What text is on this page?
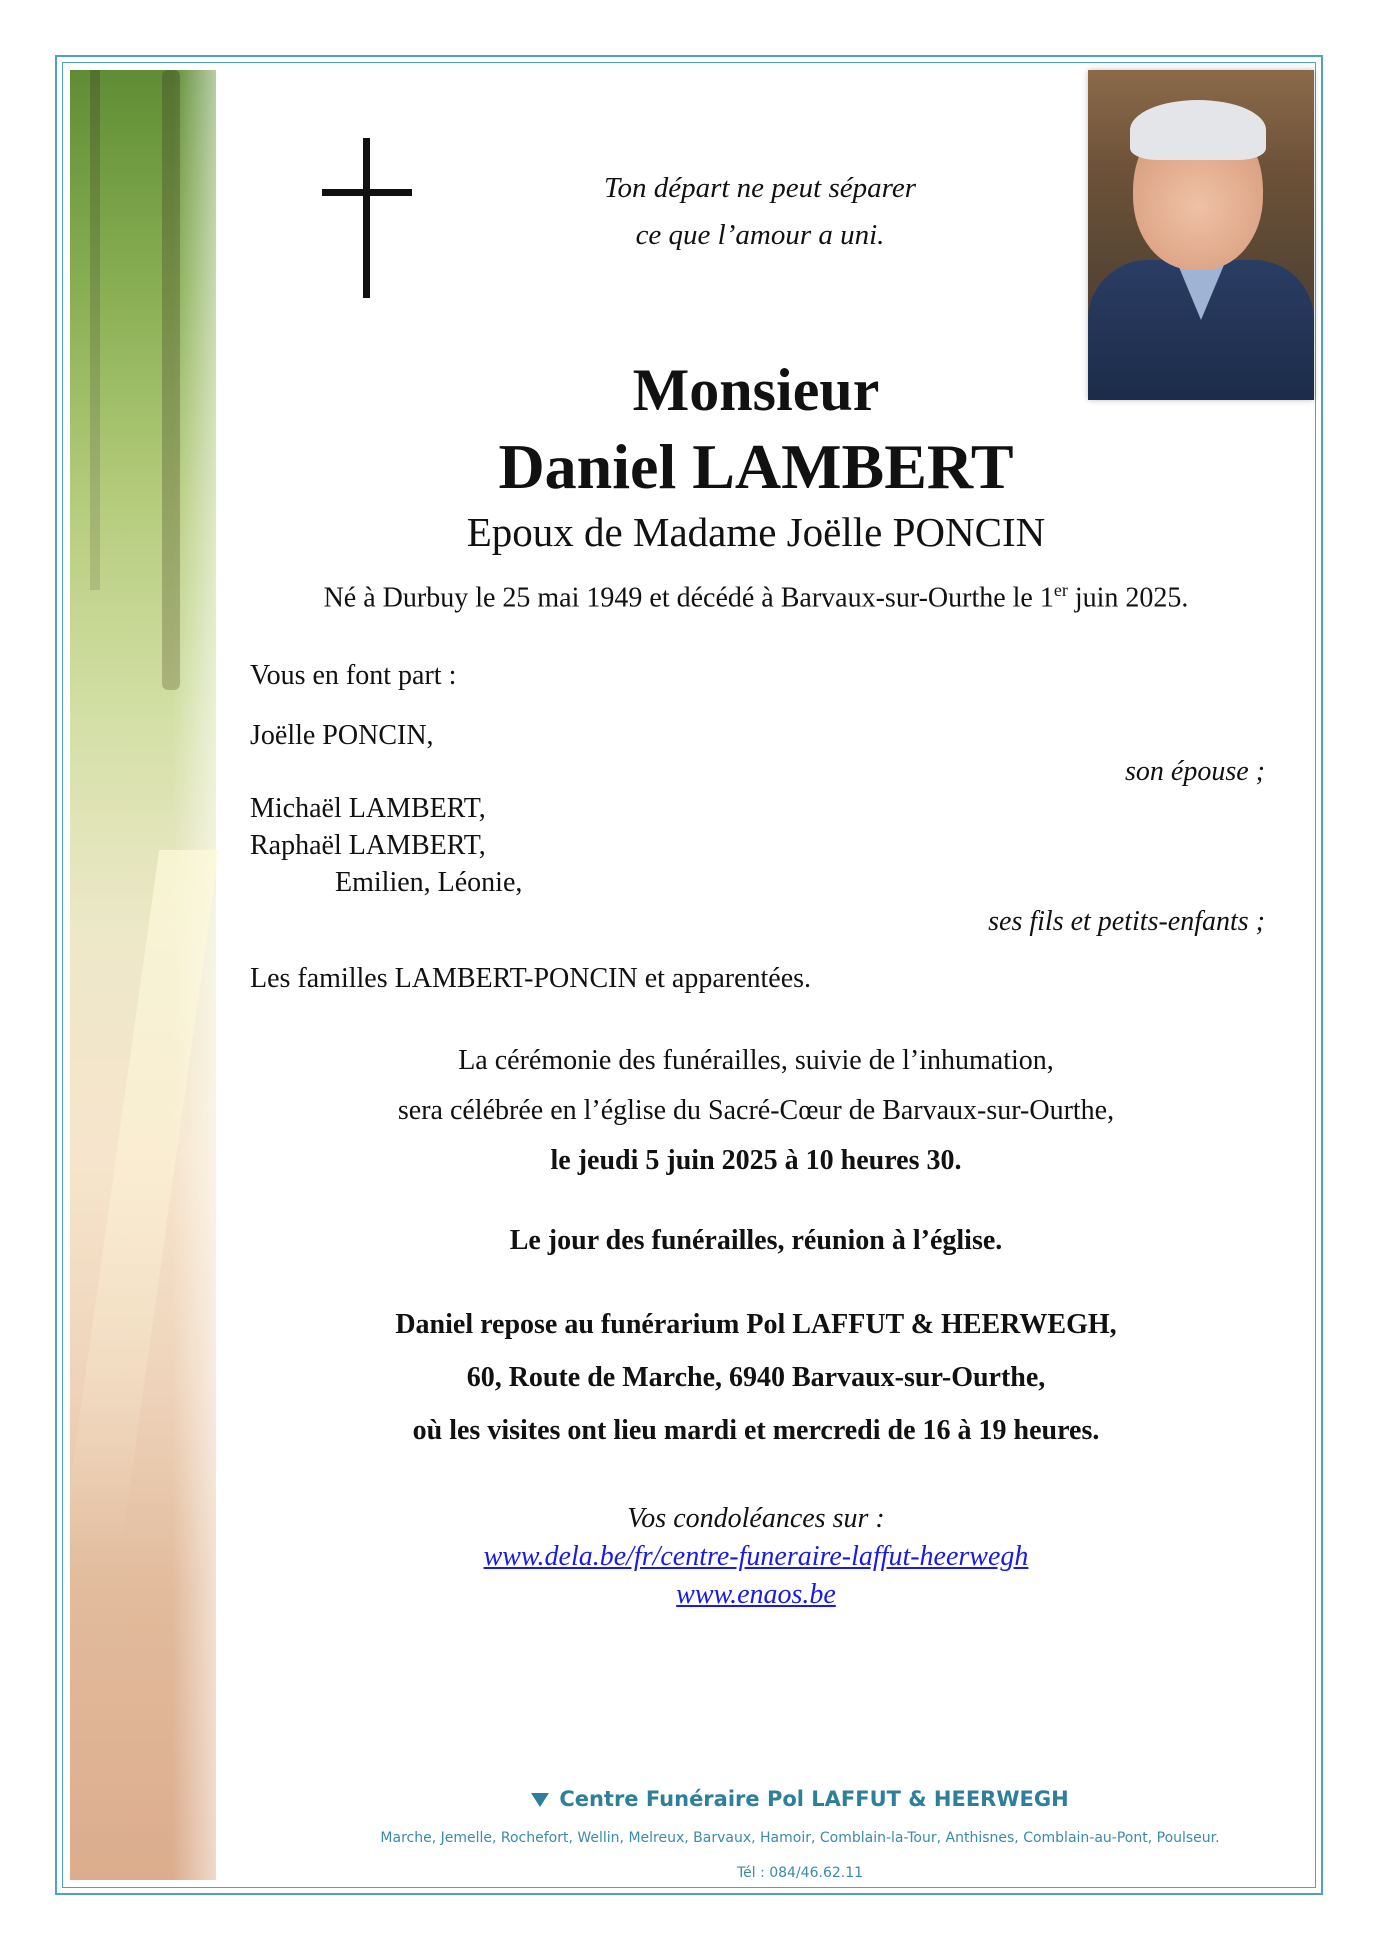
Ton départ ne peut séparer
ce que l’amour a uni.
Monsieur
Daniel LAMBERT
Epoux de Madame Joëlle PONCIN
Né à Durbuy le 25 mai 1949 et décédé à Barvaux-sur-Ourthe le 1er juin 2025.
Vous en font part :
Joëlle PONCIN,
son épouse ;
Michaël LAMBERT,
Raphaël LAMBERT,
Emilien, Léonie,
ses fils et petits-enfants ;
Les familles LAMBERT-PONCIN et apparentées.
La cérémonie des funérailles, suivie de l’inhumation,
sera célébrée en l’église du Sacré-Cœur de Barvaux-sur-Ourthe,
le jeudi 5 juin 2025 à 10 heures 30.
Le jour des funérailles, réunion à l’église.
Daniel repose au funérarium Pol LAFFUT & HEERWEGH,
60, Route de Marche, 6940 Barvaux-sur-Ourthe,
où les visites ont lieu mardi et mercredi de 16 à 19 heures.
Vos condoléances sur :
www.dela.be/fr/centre-funeraire-laffut-heerwegh
www.enaos.be
Centre Funéraire Pol LAFFUT & HEERWEGH
Marche, Jemelle, Rochefort, Wellin, Melreux, Barvaux, Hamoir, Comblain-la-Tour, Anthisnes, Comblain-au-Pont, Poulseur.
Tél : 084/46.62.11
